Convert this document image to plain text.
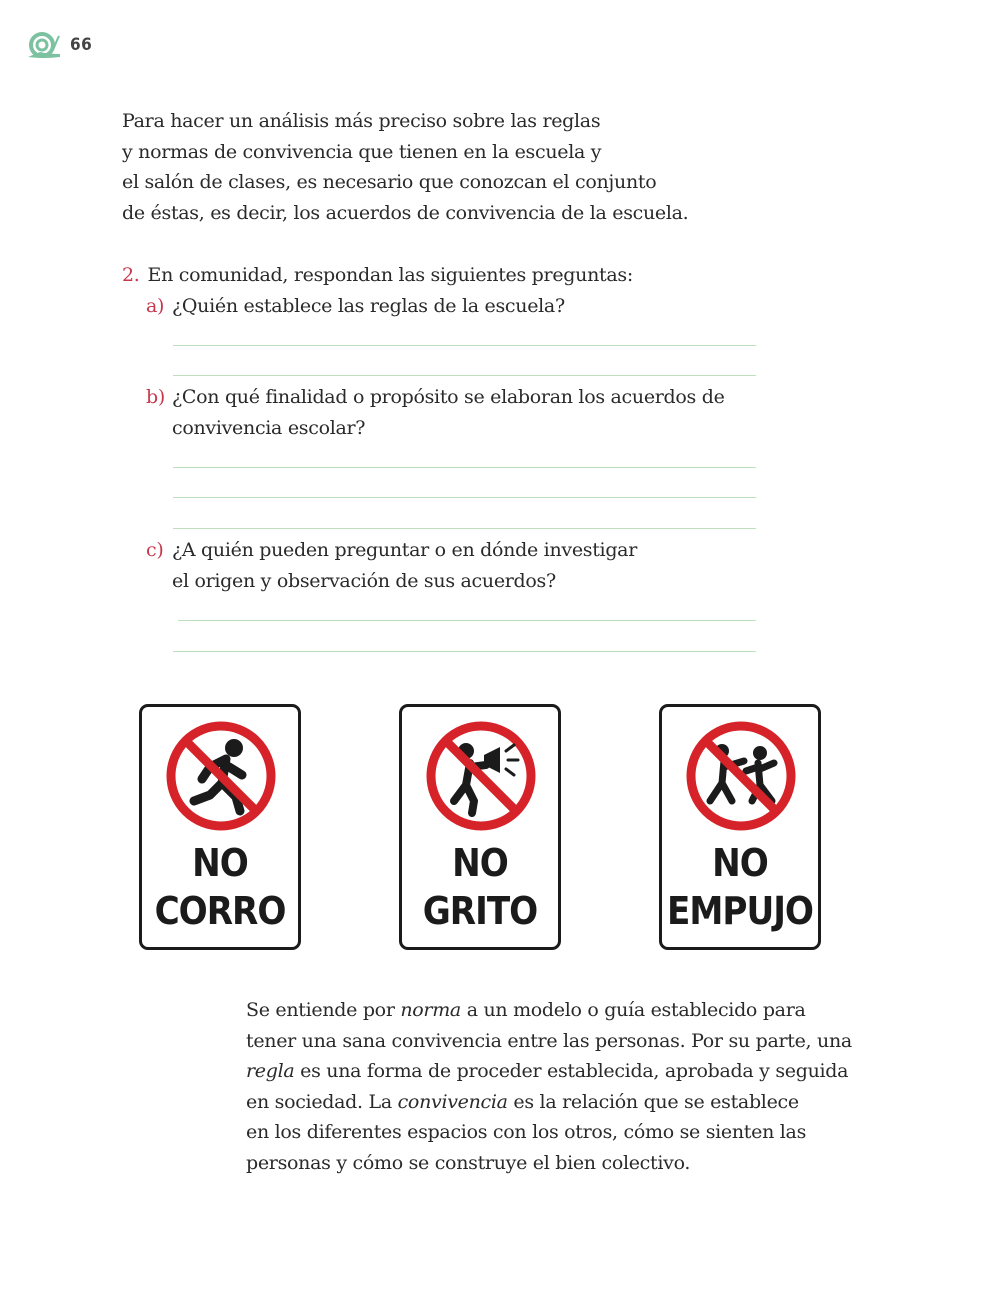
66

Para hacer un análisis más preciso sobre las reglas

y normas de convivencia que tienen en la escuela y

el salón de clases, es necesario que conozcan el conjunto

de éstas, es decir, los acuerdos de convivencia de la escuela.

2. En comunidad, respondan las siguientes preguntas:
a) ¿Quién establece las reglas de la escuela?
b) ¿Con qué finalidad o propósito se elaboran los acuerdos de
convivencia escolar?
c) ¿A quién pueden preguntar o en dónde investigar
el origen y observación de sus acuerdos?
NO
CORRO
NO
GRITO
NO
EMPUJO

Se entiende por norma a un modelo o guía establecido para

tener una sana convivencia entre las personas. Por su parte, una

regla es una forma de proceder establecida, aprobada y seguida

en sociedad. La convivencia es la relación que se establece

en los diferentes espacios con los otros, cómo se sienten las

personas y cómo se construye el bien colectivo.
